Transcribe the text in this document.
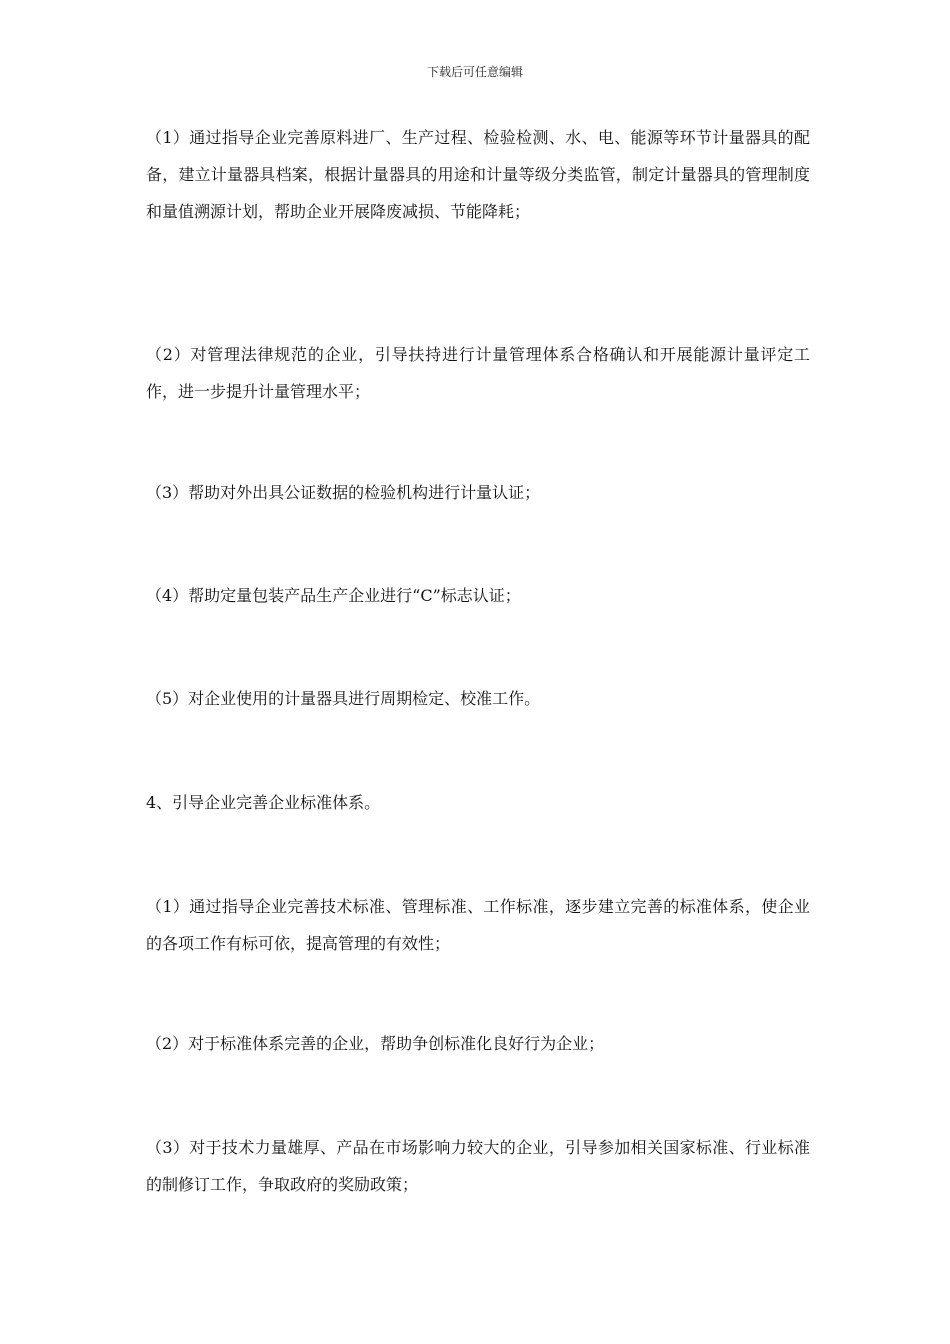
下载后可任意编辑

（1）通过指导企业完善原料进厂、生产过程、检验检测、水、电、能源等环节计量器具的配备，建立计量器具档案，根据计量器具的用途和计量等级分类监管，制定计量器具的管理制度和量值溯源计划，帮助企业开展降废减损、节能降耗；

（2）对管理法律规范的企业，引导扶持进行计量管理体系合格确认和开展能源计量评定工作，进一步提升计量管理水平；

（3）帮助对外出具公证数据的检验机构进行计量认证；

（4）帮助定量包装产品生产企业进行“C”标志认证；

（5）对企业使用的计量器具进行周期检定、校准工作。

4、引导企业完善企业标准体系。

（1）通过指导企业完善技术标准、管理标准、工作标准，逐步建立完善的标准体系，使企业的各项工作有标可依，提高管理的有效性；

（2）对于标准体系完善的企业，帮助争创标准化良好行为企业；

（3）对于技术力量雄厚、产品在市场影响力较大的企业，引导参加相关国家标准、行业标准的制修订工作，争取政府的奖励政策；
